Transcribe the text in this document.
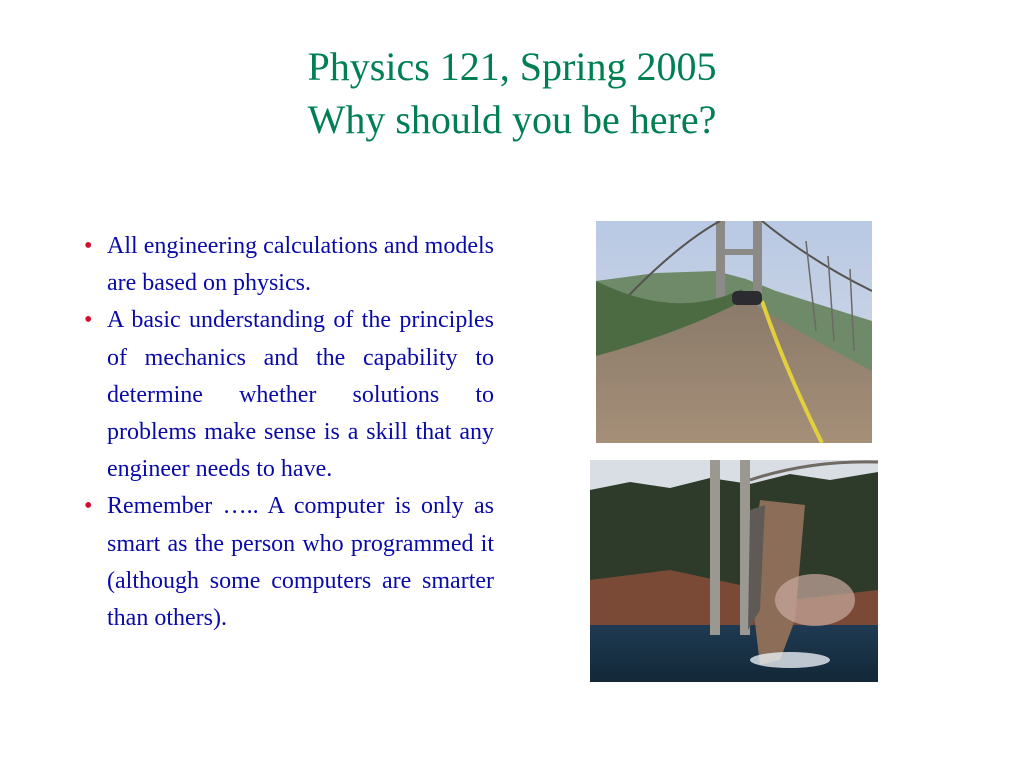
Physics 121, Spring 2005
Why should you be here?
• All engineering calculations and models are based on physics.
• A basic understanding of the principles of mechanics and the capability to determine whether solutions to problems make sense is a skill that any engineer needs to have.
• Remember ….. A computer is only as smart as the person who programmed it (although some computers are smarter than others).
